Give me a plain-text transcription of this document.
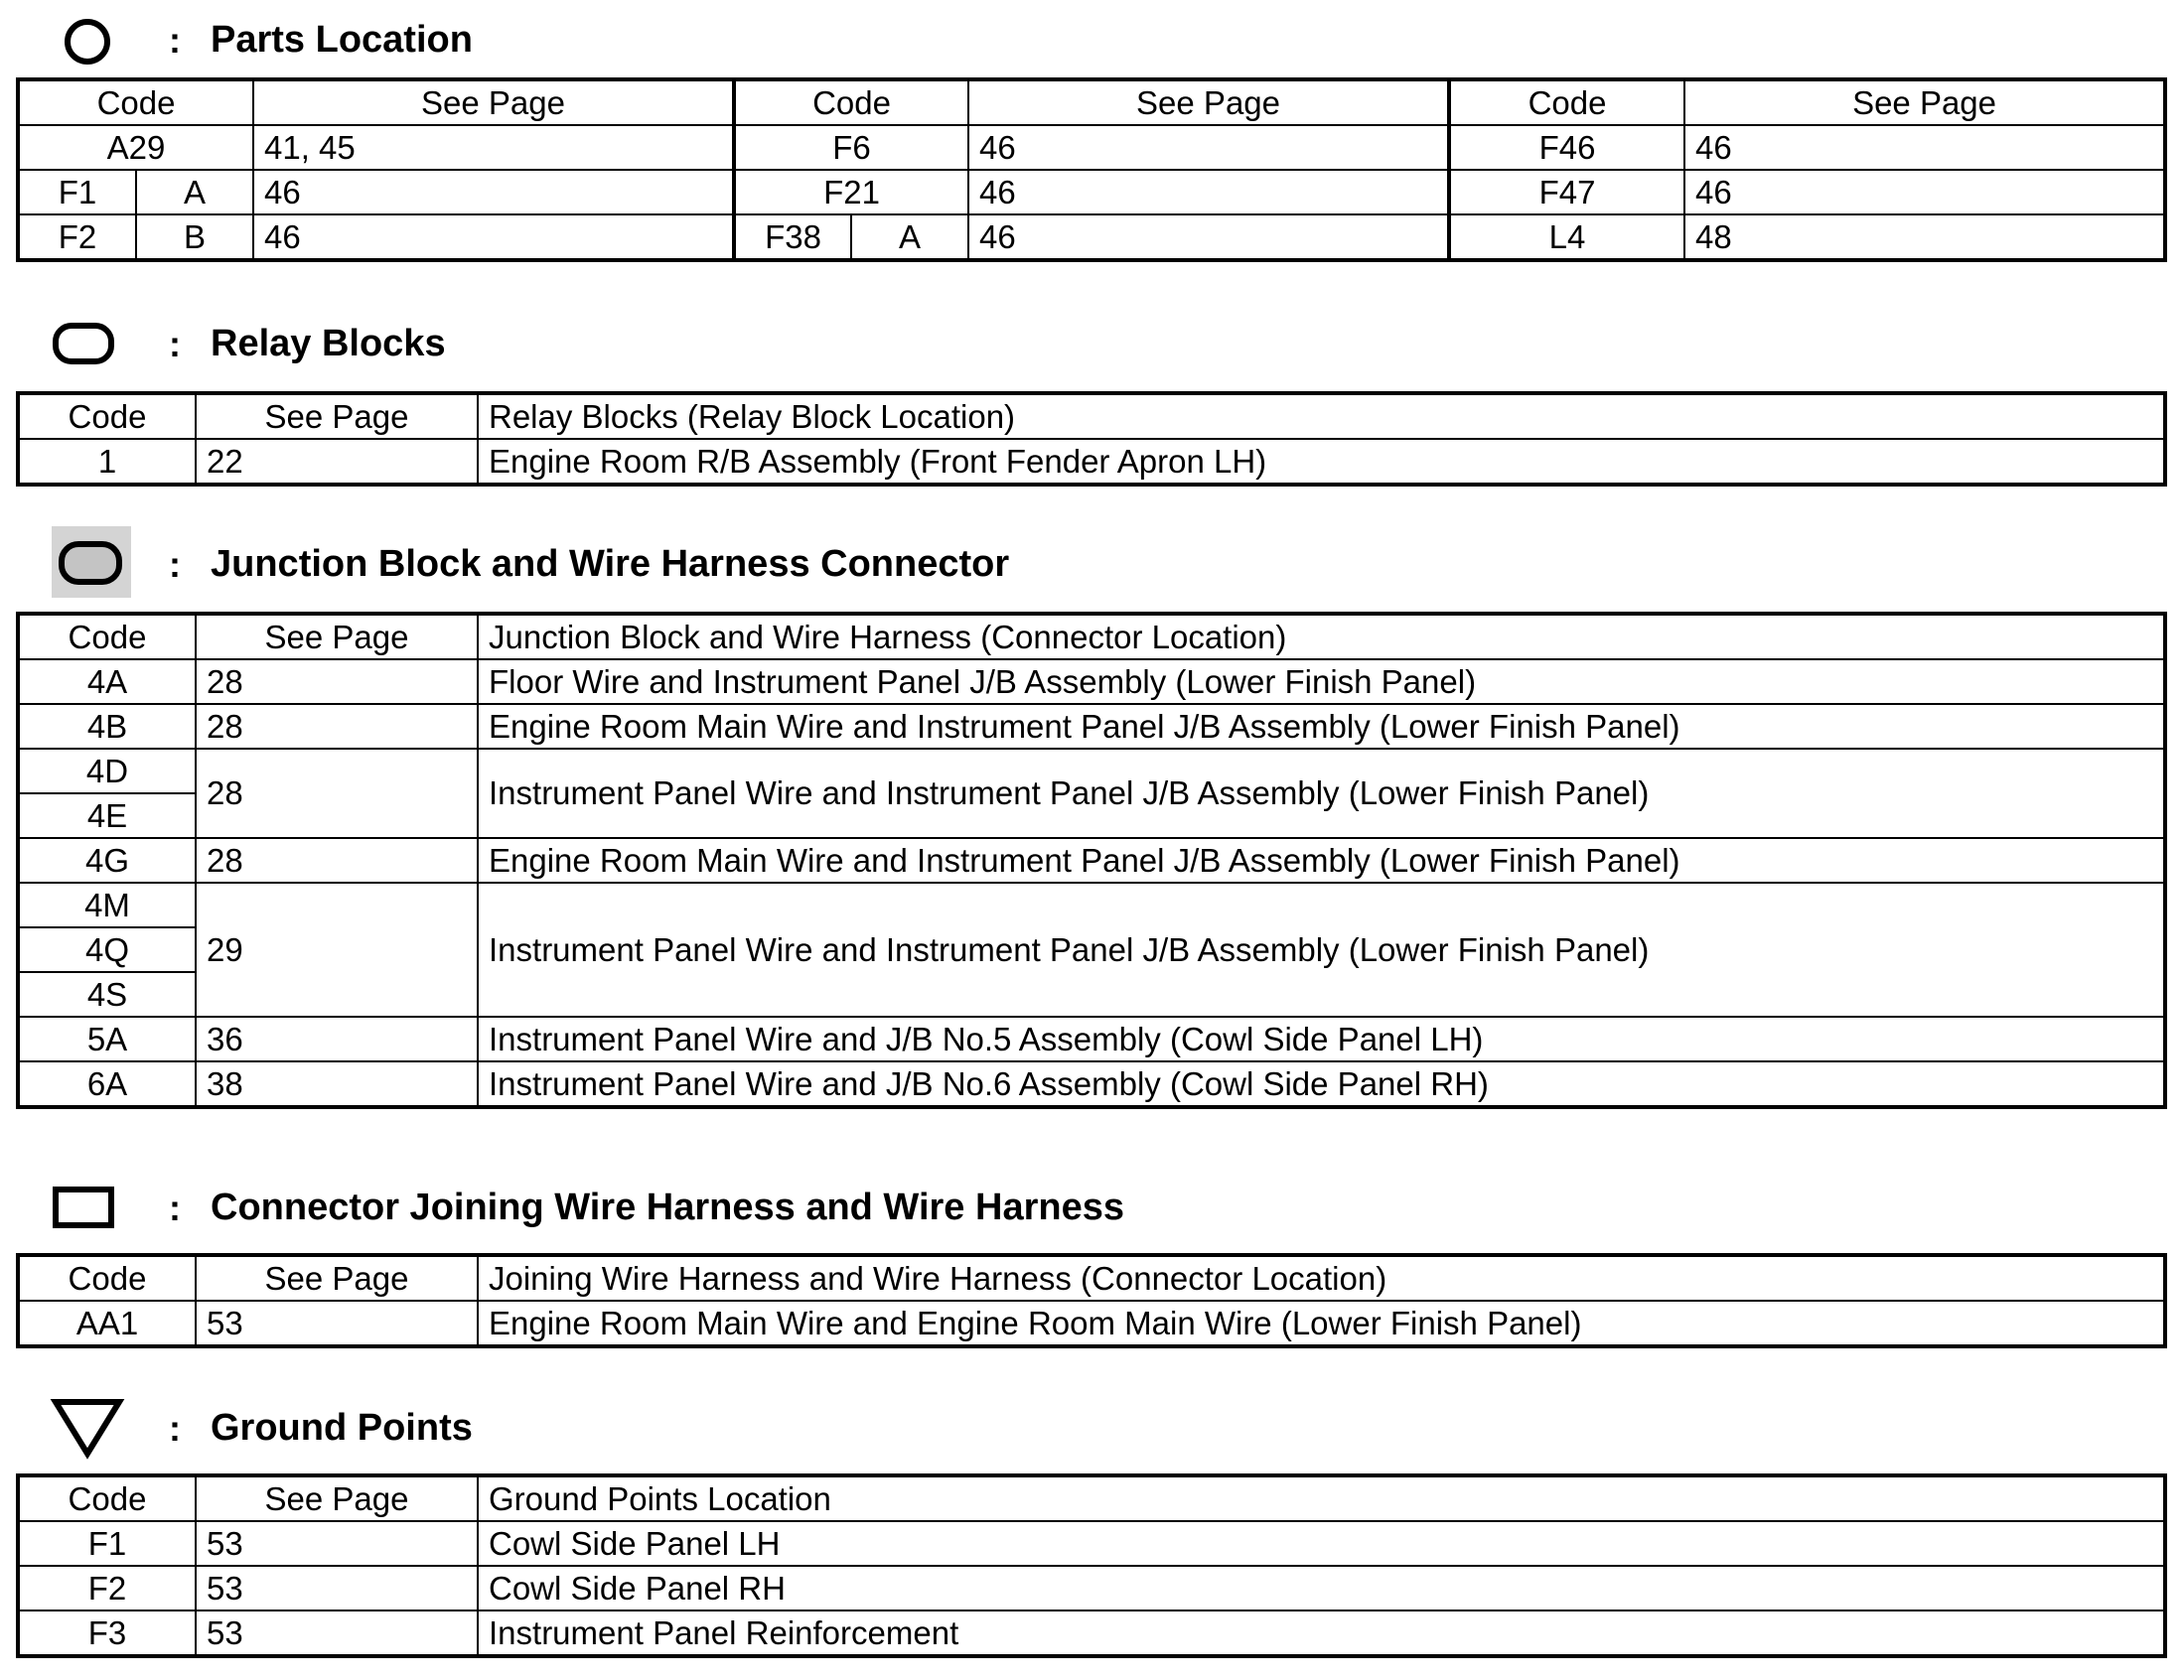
: Parts Location
Code		See Page	Code		See Page	Code	See Page
A29		41, 45	F6		46	F46	46
F1	A	46	F21		46	F47	46
F2	B	46	F38	A	46	L4	48
: Relay Blocks
Code	See Page	Relay Blocks (Relay Block Location)
1	22	Engine Room R/B Assembly (Front Fender Apron LH)
: Junction Block and Wire Harness Connector
Code	See Page	Junction Block and Wire Harness (Connector Location)
4A	28	Floor Wire and Instrument Panel J/B Assembly (Lower Finish Panel)
4B	28	Engine Room Main Wire and Instrument Panel J/B Assembly (Lower Finish Panel)
4D	28	Instrument Panel Wire and Instrument Panel J/B Assembly (Lower Finish Panel)
4E		
4G	28	Engine Room Main Wire and Instrument Panel J/B Assembly (Lower Finish Panel)
4M	29	Instrument Panel Wire and Instrument Panel J/B Assembly (Lower Finish Panel)
4Q		
4S		
5A	36	Instrument Panel Wire and J/B No.5 Assembly (Cowl Side Panel LH)
6A	38	Instrument Panel Wire and J/B No.6 Assembly (Cowl Side Panel RH)
: Connector Joining Wire Harness and Wire Harness
Code	See Page	Joining Wire Harness and Wire Harness (Connector Location)
AA1	53	Engine Room Main Wire and Engine Room Main Wire (Lower Finish Panel)
: Ground Points
Code	See Page	Ground Points Location
F1	53	Cowl Side Panel LH
F2	53	Cowl Side Panel RH
F3	53	Instrument Panel Reinforcement
